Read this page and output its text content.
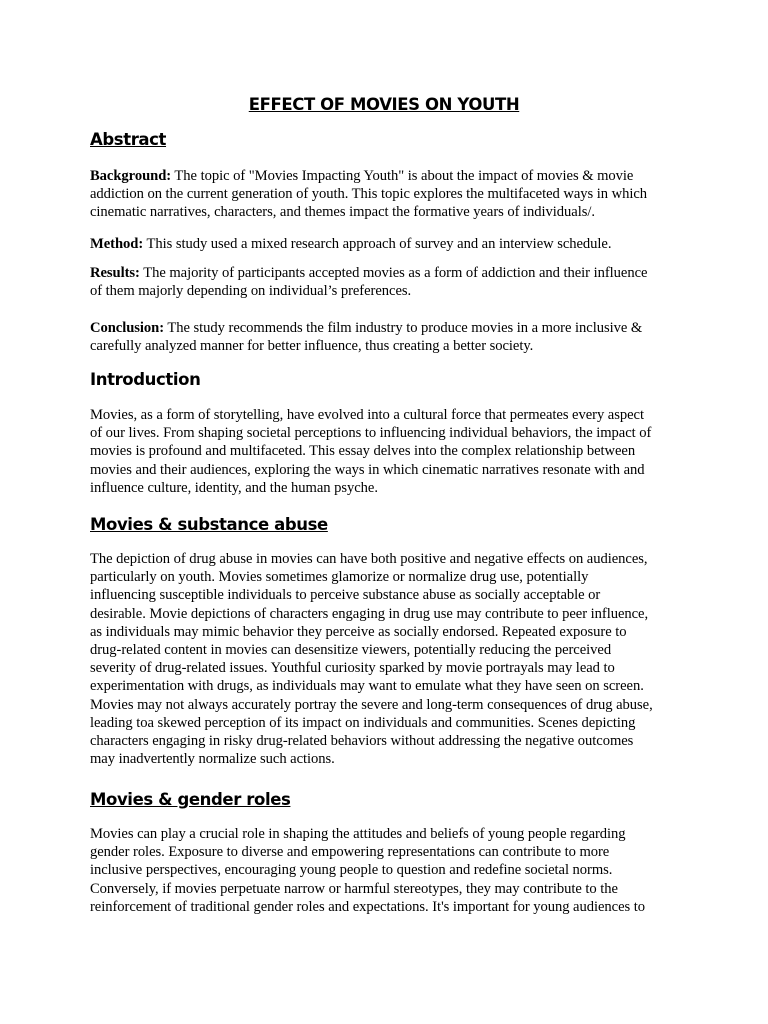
EFFECT OF MOVIES ON YOUTH
Abstract

Background: The topic of "Movies Impacting Youth" is about the impact of movies & movie
addiction on the current generation of youth. This topic explores the multifaceted ways in which
cinematic narratives, characters, and themes impact the formative years of individuals/.

Method: This study used a mixed research approach of survey and an interview schedule.

Results: The majority of participants accepted movies as a form of addiction and their influence
of them majorly depending on individual’s preferences.

Conclusion: The study recommends the film industry to produce movies in a more inclusive &
carefully analyzed manner for better influence, thus creating a better society.

Introduction

Movies, as a form of storytelling, have evolved into a cultural force that permeates every aspect
of our lives. From shaping societal perceptions to influencing individual behaviors, the impact of
movies is profound and multifaceted. This essay delves into the complex relationship between
movies and their audiences, exploring the ways in which cinematic narratives resonate with and
influence culture, identity, and the human psyche.

Movies & substance abuse

The depiction of drug abuse in movies can have both positive and negative effects on audiences,
particularly on youth. Movies sometimes glamorize or normalize drug use, potentially
influencing susceptible individuals to perceive substance abuse as socially acceptable or
desirable. Movie depictions of characters engaging in drug use may contribute to peer influence,
as individuals may mimic behavior they perceive as socially endorsed. Repeated exposure to
drug-related content in movies can desensitize viewers, potentially reducing the perceived
severity of drug-related issues. Youthful curiosity sparked by movie portrayals may lead to
experimentation with drugs, as individuals may want to emulate what they have seen on screen.
Movies may not always accurately portray the severe and long-term consequences of drug abuse,
leading toa skewed perception of its impact on individuals and communities. Scenes depicting
characters engaging in risky drug-related behaviors without addressing the negative outcomes
may inadvertently normalize such actions.

Movies & gender roles

Movies can play a crucial role in shaping the attitudes and beliefs of young people regarding
gender roles. Exposure to diverse and empowering representations can contribute to more
inclusive perspectives, encouraging young people to question and redefine societal norms.
Conversely, if movies perpetuate narrow or harmful stereotypes, they may contribute to the
reinforcement of traditional gender roles and expectations. It's important for young audiences to
